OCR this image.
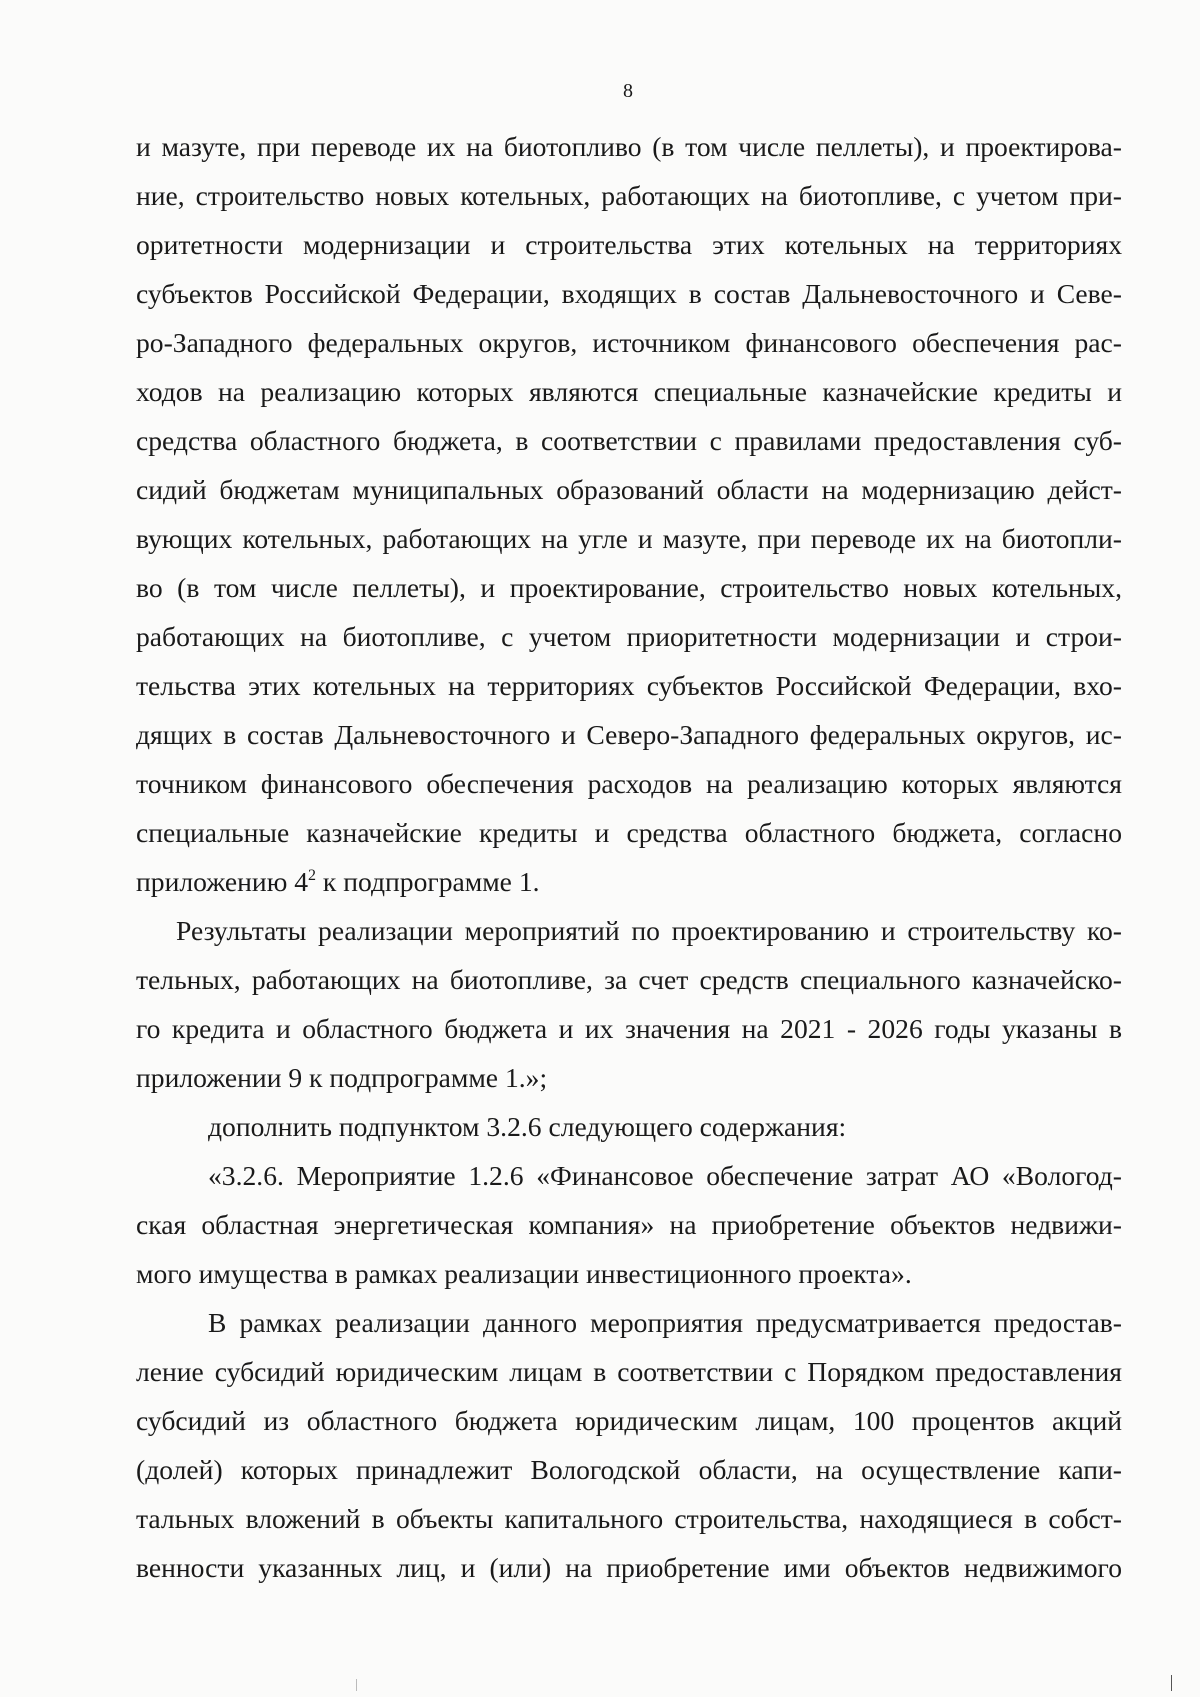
8
и мазуте, при переводе их на биотопливо (в том числе пеллеты), и проектирова-
ние, строительство новых котельных, работающих на биотопливе, с учетом при-
оритетности модернизации и строительства этих котельных на территориях
субъектов Российской Федерации, входящих в состав Дальневосточного и Севе-
ро-Западного федеральных округов, источником финансового обеспечения рас-
ходов на реализацию которых являются специальные казначейские кредиты и
средства областного бюджета, в соответствии с правилами предоставления суб-
сидий бюджетам муниципальных образований области на модернизацию дейст-
вующих котельных, работающих на угле и мазуте, при переводе их на биотопли-
во (в том числе пеллеты), и проектирование, строительство новых котельных,
работающих на биотопливе, с учетом приоритетности модернизации и строи-
тельства этих котельных на территориях субъектов Российской Федерации, вхо-
дящих в состав Дальневосточного и Северо-Западного федеральных округов, ис-
точником финансового обеспечения расходов на реализацию которых являются
специальные казначейские кредиты и средства областного бюджета, согласно
приложению $4^2$ к подпрограмме 1.
Результаты реализации мероприятий по проектированию и строительству ко-
тельных, работающих на биотопливе, за счет средств специального казначейско-
го кредита и областного бюджета и их значения на 2021 - 2026 годы указаны в
приложении 9 к подпрограмме 1.»;
дополнить подпунктом 3.2.6 следующего содержания:
«3.2.6. Мероприятие 1.2.6 «Финансовое обеспечение затрат АО «Вологод-
ская областная энергетическая компания» на приобретение объектов недвижи-
мого имущества в рамках реализации инвестиционного проекта».
В рамках реализации данного мероприятия предусматривается предостав-
ление субсидий юридическим лицам в соответствии с Порядком предоставления
субсидий из областного бюджета юридическим лицам, 100 процентов акций
(долей) которых принадлежит Вологодской области, на осуществление капи-
тальных вложений в объекты капитального строительства, находящиеся в собст-
венности указанных лиц, и (или) на приобретение ими объектов недвижимого
